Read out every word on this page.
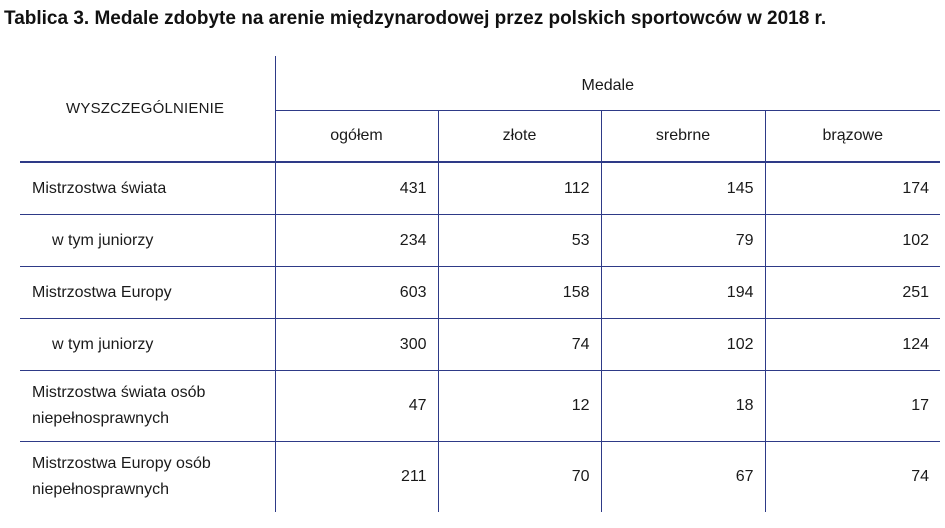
Tablica 3. Medale zdobyte na arenie międzynarodowej przez polskich sportowców w 2018 r.
WYSZCZEGÓLNIENIE	Medale			
	ogółem	złote	srebrne	brązowe
Mistrzostwa świata	431	112	145	174
w tym juniorzy	234	53	79	102
Mistrzostwa Europy	603	158	194	251
w tym juniorzy	300	74	102	124
Mistrzostwa świata osób
niepełnosprawnych	47	12	18	17
Mistrzostwa Europy osób
niepełnosprawnych	211	70	67	74
